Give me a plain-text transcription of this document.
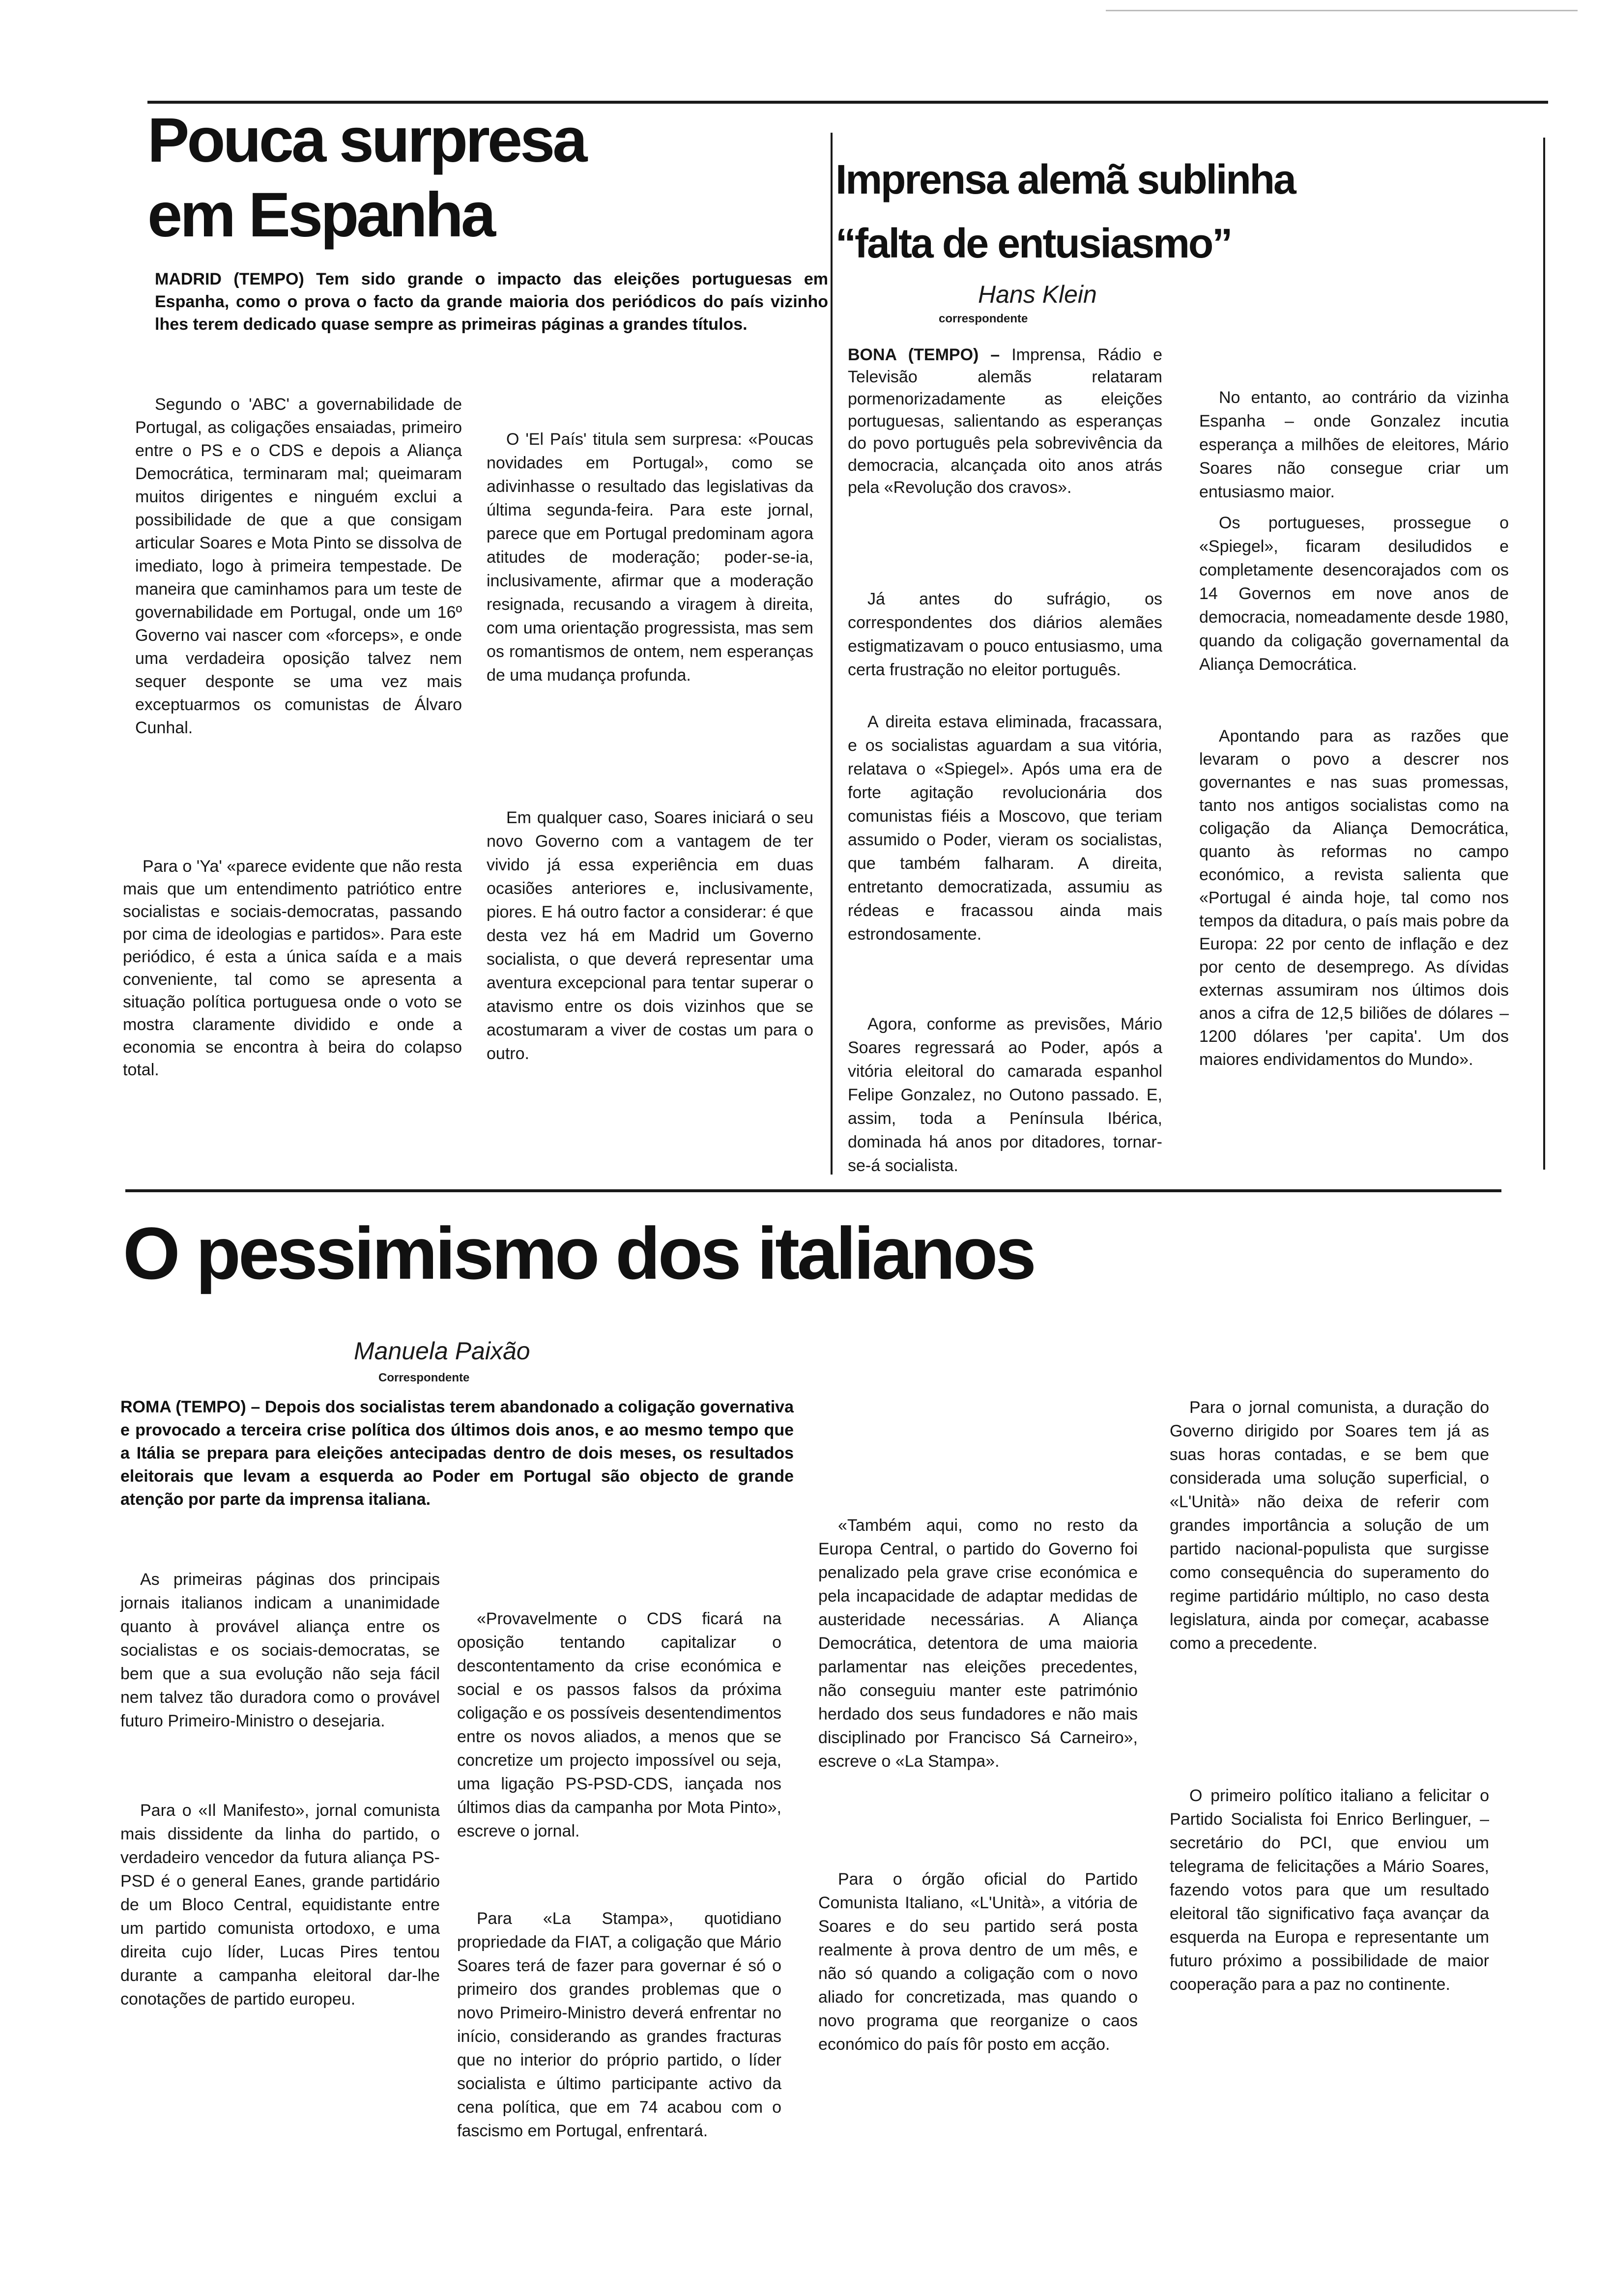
Pouca surpresa
em Espanha

MADRID (TEMPO) Tem sido grande o impacto das eleições portuguesas em Espanha, como o prova o facto da grande maioria dos periódicos do país vizinho lhes terem dedicado quase sempre as primeiras páginas a grandes títulos.

Segundo o 'ABC' a governabilidade de Portugal, as coligações ensaiadas, primeiro entre o PS e o CDS e depois a Aliança Democrática, terminaram mal; queimaram muitos dirigentes e ninguém exclui a possibilidade de que a que consigam articular Soares e Mota Pinto se dissolva de imediato, logo à primeira tempestade. De maneira que caminhamos para um teste de governabilidade em Portugal, onde um 16º Governo vai nascer com «forceps», e onde uma verdadeira oposição talvez nem sequer desponte se uma vez mais exceptuarmos os comunistas de Álvaro Cunhal.

Para o 'Ya' «parece evidente que não resta mais que um entendimento patriótico entre socialistas e sociais-democratas, passando por cima de ideologias e partidos». Para este periódico, é esta a única saída e a mais conveniente, tal como se apresenta a situação política portuguesa onde o voto se mostra claramente dividido e onde a economia se encontra à beira do colapso total.

O 'El País' titula sem surpresa: «Poucas novidades em Portugal», como se adivinhasse o resultado das legislativas da última segunda-feira. Para este jornal, parece que em Portugal predominam agora atitudes de moderação; poder-se-ia, inclusivamente, afirmar que a moderação resignada, recusando a viragem à direita, com uma orientação progressista, mas sem os romantismos de ontem, nem esperanças de uma mudança profunda.

Em qualquer caso, Soares iniciará o seu novo Governo com a vantagem de ter vivido já essa experiência em duas ocasiões anteriores e, inclusivamente, piores. E há outro factor a considerar: é que desta vez há em Madrid um Governo socialista, o que deverá representar uma aventura excepcional para tentar superar o atavismo entre os dois vizinhos que se acostumaram a viver de costas um para o outro.

Imprensa alemã sublinha
“falta de entusiasmo”

Hans Klein

correspondente

BONA (TEMPO) – Imprensa, Rádio e Televisão alemãs relataram pormenorizadamente as eleições portuguesas, salientando as esperanças do povo português pela sobrevivência da democracia, alcançada oito anos atrás pela «Revolução dos cravos».

Já antes do sufrágio, os correspondentes dos diários alemães estigmatizavam o pouco entusiasmo, uma certa frustração no eleitor português.

A direita estava eliminada, fracassara, e os socialistas aguardam a sua vitória, relatava o «Spiegel». Após uma era de forte agitação revolucionária dos comunistas fiéis a Moscovo, que teriam assumido o Poder, vieram os socialistas, que também falharam. A direita, entretanto democratizada, assumiu as rédeas e fracassou ainda mais estrondosamente.

Agora, conforme as previsões, Mário Soares regressará ao Poder, após a vitória eleitoral do camarada espanhol Felipe Gonzalez, no Outono passado. E, assim, toda a Península Ibérica, dominada há anos por ditadores, tornar-se-á socialista.

No entanto, ao contrário da vizinha Espanha – onde Gonzalez incutia esperança a milhões de eleitores, Mário Soares não consegue criar um entusiasmo maior.

Os portugueses, prossegue o «Spiegel», ficaram desiludidos e completamente desencorajados com os 14 Governos em nove anos de democracia, nomeadamente desde 1980, quando da coligação governamental da Aliança Democrática.

Apontando para as razões que levaram o povo a descrer nos governantes e nas suas promessas, tanto nos antigos socialistas como na coligação da Aliança Democrática, quanto às reformas no campo económico, a revista salienta que «Portugal é ainda hoje, tal como nos tempos da ditadura, o país mais pobre da Europa: 22 por cento de inflação e dez por cento de desemprego. As dívidas externas assumiram nos últimos dois anos a cifra de 12,5 biliões de dólares – 1200 dólares 'per capita'. Um dos maiores endividamentos do Mundo».

O pessimismo dos italianos

Manuela Paixão

Correspondente

ROMA (TEMPO) – Depois dos socialistas terem abandonado a coligação governativa e provocado a terceira crise política dos últimos dois anos, e ao mesmo tempo que a Itália se prepara para eleições antecipadas dentro de dois meses, os resultados eleitorais que levam a esquerda ao Poder em Portugal são objecto de grande atenção por parte da imprensa italiana.

As primeiras páginas dos principais jornais italianos indicam a unanimidade quanto à provável aliança entre os socialistas e os sociais-democratas, se bem que a sua evolução não seja fácil nem talvez tão duradora como o provável futuro Primeiro-Ministro o desejaria.

Para o «Il Manifesto», jornal comunista mais dissidente da linha do partido, o verdadeiro vencedor da futura aliança PS-PSD é o general Eanes, grande partidário de um Bloco Central, equidistante entre um partido comunista ortodoxo, e uma direita cujo líder, Lucas Pires tentou durante a campanha eleitoral dar-lhe conotações de partido europeu.

«Provavelmente o CDS ficará na oposição tentando capitalizar o descontentamento da crise económica e social e os passos falsos da próxima coligação e os possíveis desentendimentos entre os novos aliados, a menos que se concretize um projecto impossível ou seja, uma ligação PS-PSD-CDS, iançada nos últimos dias da campanha por Mota Pinto», escreve o jornal.

Para «La Stampa», quotidiano propriedade da FIAT, a coligação que Mário Soares terá de fazer para governar é só o primeiro dos grandes problemas que o novo Primeiro-Ministro deverá enfrentar no início, considerando as grandes fracturas que no interior do próprio partido, o líder socialista e último participante activo da cena política, que em 74 acabou com o fascismo em Portugal, enfrentará.

«Também aqui, como no resto da Europa Central, o partido do Governo foi penalizado pela grave crise económica e pela incapacidade de adaptar medidas de austeridade necessárias. A Aliança Democrática, detentora de uma maioria parlamentar nas eleições precedentes, não conseguiu manter este património herdado dos seus fundadores e não mais disciplinado por Francisco Sá Carneiro», escreve o «La Stampa».

Para o órgão oficial do Partido Comunista Italiano, «L'Unità», a vitória de Soares e do seu partido será posta realmente à prova dentro de um mês, e não só quando a coligação com o novo aliado for concretizada, mas quando o novo programa que reorganize o caos económico do país fôr posto em acção.

Para o jornal comunista, a duração do Governo dirigido por Soares tem já as suas horas contadas, e se bem que considerada uma solução superficial, o «L'Unità» não deixa de referir com grandes importância a solução de um partido nacional-populista que surgisse como consequência do superamento do regime partidário múltiplo, no caso desta legislatura, ainda por começar, acabasse como a precedente.

O primeiro político italiano a felicitar o Partido Socialista foi Enrico Berlinguer, – secretário do PCI, que enviou um telegrama de felicitações a Mário Soares, fazendo votos para que um resultado eleitoral tão significativo faça avançar da esquerda na Europa e representante um futuro próximo a possibilidade de maior cooperação para a paz no continente.
